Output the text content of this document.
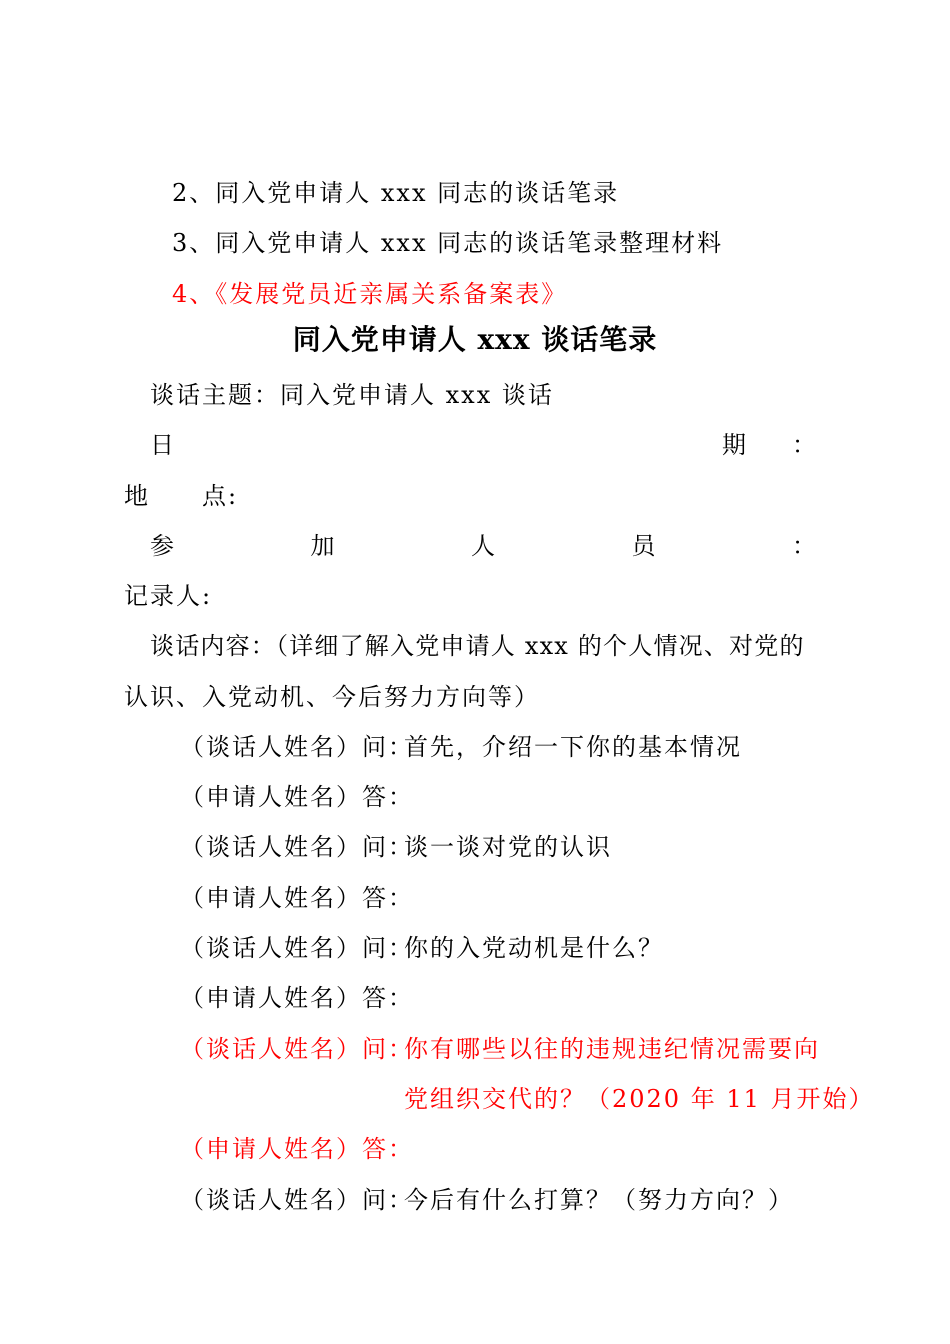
2、同入党申请人 xxx 同志的谈话笔录
3、同入党申请人 xxx 同志的谈话笔录整理材料
4、《发展党员近亲属关系备案表》
同入党申请人 xxx 谈话笔录
谈话主题：同入党申请人 xxx 谈话
日	期 ：
地　　点:
参	加	人	员	：
记录人:
谈话内容：（详细了解入党申请人 xxx 的个人情况、对党的
认识、入党动机、今后努力方向等）
（谈话人姓名）问：
首先，介绍一下你的基本情况
（申请人姓名）答：
（谈话人姓名）问：
谈一谈对党的认识
（申请人姓名）答：
（谈话人姓名）问：
你的入党动机是什么？
（申请人姓名）答：
（谈话人姓名）问：
你有哪些以往的违规违纪情况需要向
党组织交代的？（2020 年 11 月开始）
（申请人姓名）答：
（谈话人姓名）问：
今后有什么打算？（努力方向？）
